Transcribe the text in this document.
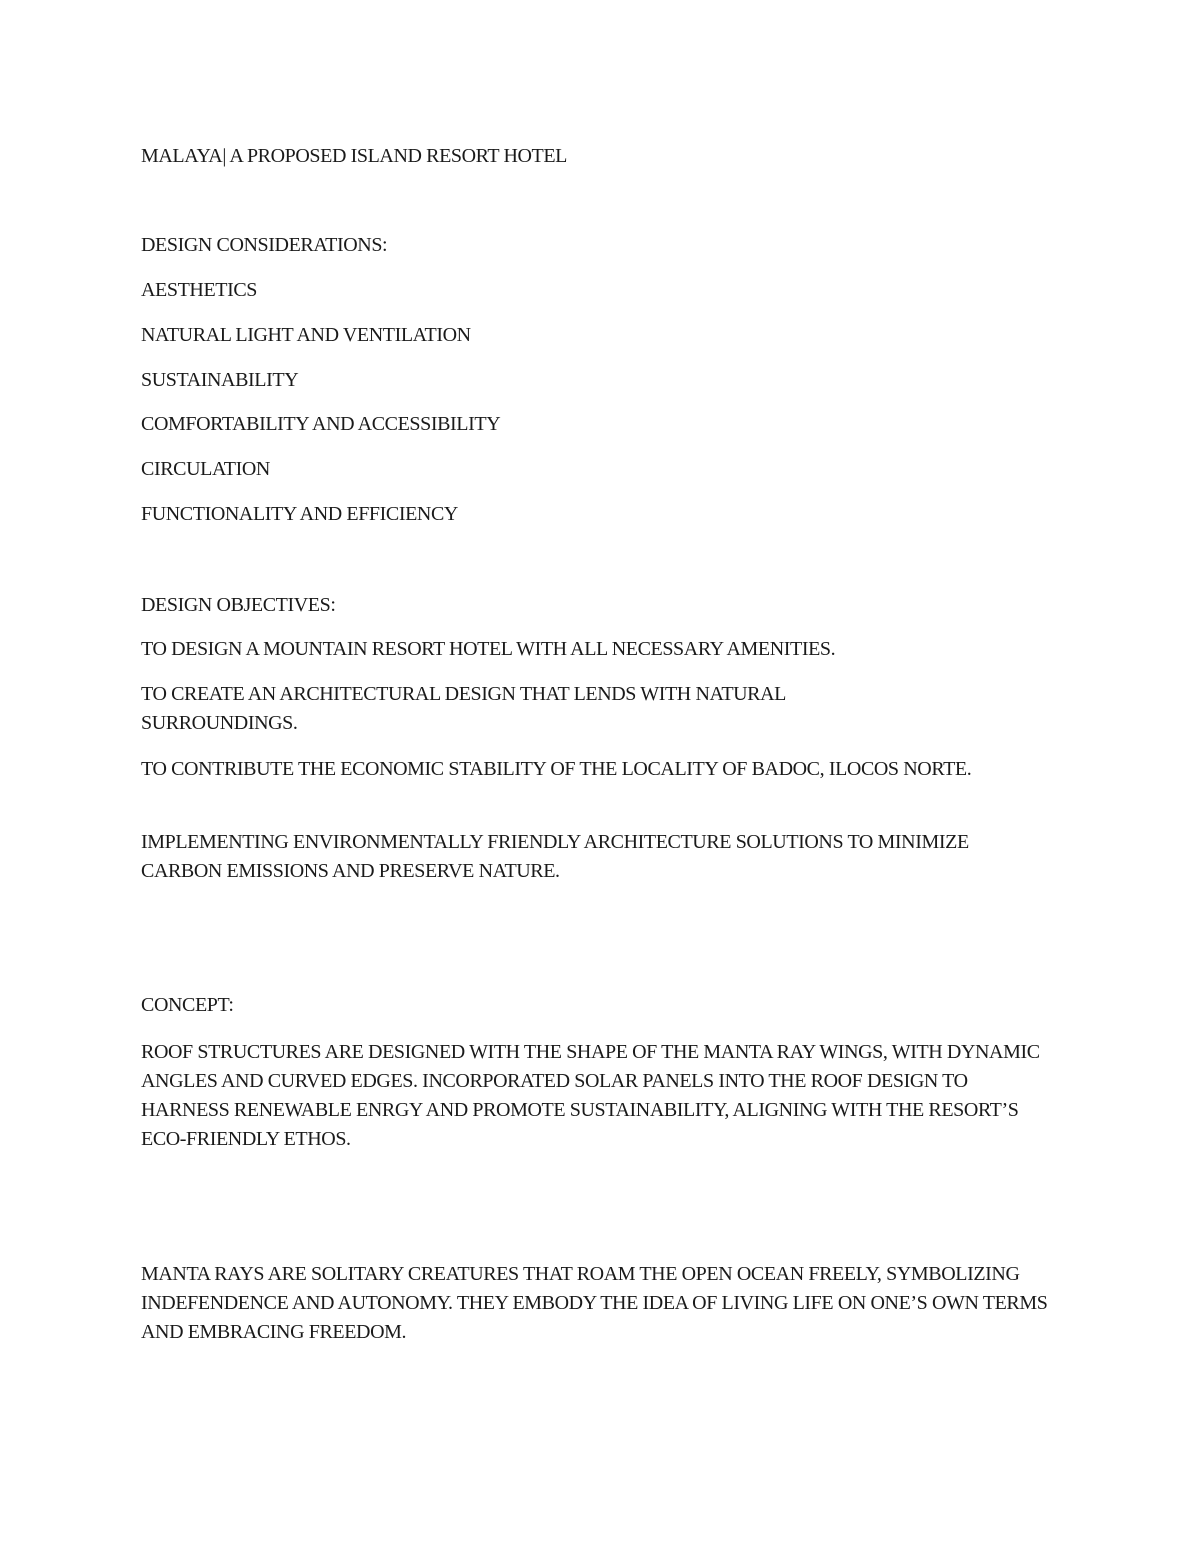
MALAYA| A PROPOSED ISLAND RESORT HOTEL
DESIGN CONSIDERATIONS:
AESTHETICS
NATURAL LIGHT AND VENTILATION
SUSTAINABILITY
COMFORTABILITY AND ACCESSIBILITY
CIRCULATION
FUNCTIONALITY AND EFFICIENCY
DESIGN OBJECTIVES:
TO DESIGN A MOUNTAIN RESORT HOTEL WITH ALL NECESSARY AMENITIES.
TO CREATE AN ARCHITECTURAL DESIGN THAT LENDS WITH NATURAL SURROUNDINGS.
TO CONTRIBUTE THE ECONOMIC STABILITY OF THE LOCALITY OF BADOC, ILOCOS NORTE.
IMPLEMENTING ENVIRONMENTALLY FRIENDLY ARCHITECTURE SOLUTIONS TO MINIMIZE CARBON EMISSIONS AND PRESERVE NATURE.
CONCEPT:
ROOF STRUCTURES ARE DESIGNED WITH THE SHAPE OF THE MANTA RAY WINGS, WITH DYNAMIC ANGLES AND CURVED EDGES. INCORPORATED SOLAR PANELS INTO THE ROOF DESIGN TO HARNESS RENEWABLE ENRGY AND PROMOTE SUSTAINABILITY, ALIGNING WITH THE RESORT’S ECO-FRIENDLY ETHOS.
MANTA RAYS ARE SOLITARY CREATURES THAT ROAM THE OPEN OCEAN FREELY, SYMBOLIZING INDEFENDENCE AND AUTONOMY. THEY EMBODY THE IDEA OF LIVING LIFE ON ONE’S OWN TERMS AND EMBRACING FREEDOM.
